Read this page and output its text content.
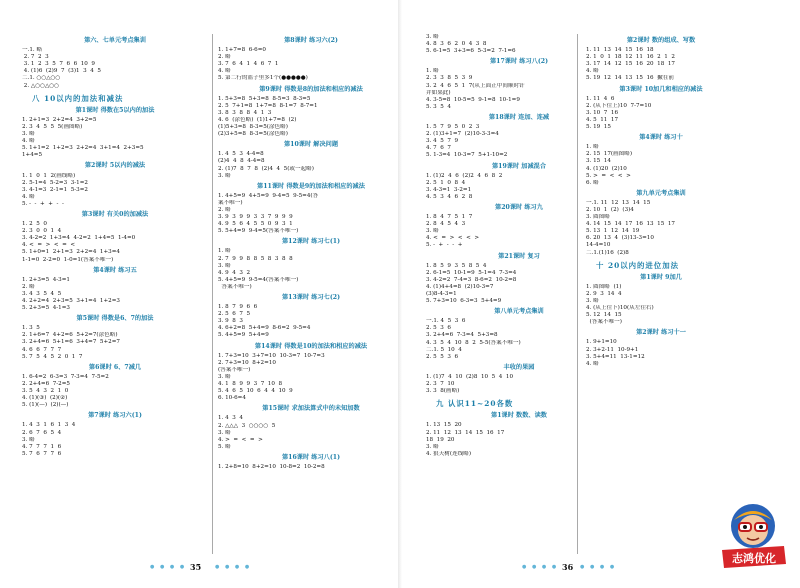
第六、七单元考点集训
一.1. 略
2. 7  2  3
3. 1  2  3  5  7  6  6  10  9
4. (1)6  (2)9  7  (3)1  3  4  5
二.1. ○○△○○
2. △○○△○○
八 10以内的加法和减法
第1课时 得数在5以内的加法
1. 2+1=3  2+2=4  3+2=5
2. 3  4  5  5  5(画图略)
3. 略
4. 略
5. 1+1=2  1+2=3  2+2=4  3+1=4  2+3=5
1+4=5
第2课时 5以内的减法
1. 1  0  1  2(画线略)
2. 5-1=4  5-2=3  3-1=2
3. 4-1=3  2-1=1  5-3=2
4. 略
5. -  -  +  +  -  -
第3课时 有关0的加减法
1. 2  5  0
2. 3  0  0  1  4
3. 4-2=2  1+3=4  4-2=2  1+4=5  1-4=0
4. <  =  >  <  =  <
5. 1+0=1  2+1=3  2+2=4  1+3=4
1-1=0  2-2=0  1-0=1(答案不唯一)
第4课时 练习五
1. 2+3=5  4-3=1
2. 略
3. 4  3  5  4  5
4. 2+2=4  2+3=5  3+1=4  1+2=3
5. 2+3=5  4-1=3
第5课时 得数是6、7的加法
1. 3  5
2. 1+6=7  4+2=6  5+2=7(涂色略)
3. 2+4=6  5+1=6  3+4=7  5+2=7
4. 6  6  7  7  7
5. 7  5  4  5  2  0  1  7
第6课时 6、7减几
1. 6-4=2  6-3=3  7-3=4  7-5=2
2. 2+4=6  7-2=5
3. 5  4  3  2  1  0
4. (1)(③)  (2)(②)
5. (1)(—)  (2)(—)
第7课时 练习六(1)
1. 4  3  1  6  1  3  4
2. 6  7  6  5  4
3. 略
4. 7  7  7  1  6
5. 7  6  7  7  6
第8课时 练习六(2)
1. 1+7=8  6-6=0
2. 略
3. 7  6  4  1  4  6  7  1
4. 略
5. 第二行的篮子里多1个(●●●●●)
第9课时 得数是8的加法和相应的减法
1. 5+3=8  5+3=8  8-5=3  8-3=5
2. 5  7+1=8  1+7=8  8-1=7  8-7=1
3. 8  3  8  8  4  1  3
4. 6  (涂色略)  (1)1+7=8  (2)
(1)5+3=8  8-3=5(涂色略)
(2)3+5=8  8-3=5(涂色略)
第10课时 解决问题
1. 4  5  3  4-4=8
(2)4  4  8  4-4=8
2. (1)7  8  7  8  (2)4  4  5(或一起略)
3. 略
第11课时 得数是9的加法和相应的减法
1. 4+5=9  4+5=9  9-4=5  9-5=4(答
案不唯一)
2. 略
3. 9  3  9  9  3  3  7  9  9  9
4. 9  5  6  4  5  5  0  9  3  1
5. 5+4=9  9-4=5(答案不唯一)
第12课时 练习七(1)
1. 略
2. 7  9  9  8  8  5  8  3  8  8
3. 略
4. 9  4  3  2
5. 4+5=9  9-5=4(答案不唯一)
答案不唯一)
第13课时 练习七(2)
1. 8  7  9  6  6
2. 5  6  7  5
3. 9  8  3
4. 6+2=8  5+4=9  8-6=2  9-5=4
5. 4+5=9  5+4=9
第14课时 得数是10的加法和相应的减法
1. 7+3=10  3+7=10  10-3=7  10-7=3
2. 7+3=10  8+2=10
(答案不唯一)
3. 略
4. 1  8  9  9  3  7  10  8
5. 4  6  5  10  6  4  4  10  9
6. 10-6=4
第15课时 求加法算式中的未知加数
1. 4  3  4
2. △△△  3  ○○○○  5
3. 略
4. >  =  <  =  >
5. 略
第16课时 练习八(1)
1. 2+8=10  8+2=10  10-8=2  10-2=8
● ● ● ● 35	● ● ● ●
3. 略
4. 8  3  6  2  0  4  3  8
5. 6-1=5  3+3=6  5-3=2  7-1=6
第17课时 练习八(2)
1. 略
2. 3  3  8  5  3  9
3. 2  4  6  5  1  7(从上面正中间顺时针
并如果此)
4. 3-5=8  10-5=5  9-1=8  10-1=9
5. 3  5  4
第18课时 连加、连减
1. 5  7  9  5  0  2  3
2. (1)3+1=7  (2)10-3-3=4
3. 4  5  7  9
4. 7  6  7
5. 1-3=4  10-3=7  5+1-10=2
第19课时 加减混合
1. (1)2  4  6  (2)2  4  6  8  2
2. 5  1  0  8  4
3. 4-3=1  3-2=1
4. 5  3  4  6  2  8
第20课时 练习九
1. 8  4  7  5  1  7
2. 8  4  5  4  3
3. 略
4. <  =  >  <  <  >
5. -  +  -  -  +
第21课时 复习
1. 8  5  9  3  5  8  5  4
2. 6-1=5  10-1=9  5-1=4  7-3=4
3. 4-2=2  7-4=3  8-6=2  10-2=8
4. (1)4+4=8  (2)10-3=7
(3)8-4-3=1
5. 7+3=10  6-3=3  5+4=9
第八单元考点集训
一.1. 4  5  3  6
2. 5  3  6
3. 2+4=6  7-3=4  5+3=8
4. 3  5  4  10  8  2  5-5(答案不唯一)
二.1. 5  10  4
2. 5  5  3  6
丰收的果园
1. (1)7  4  10  (2)8  10  5  4  10
2. 3  7  10
3. 3  8(画略)
九 认识11~20各数
第1课时 数数、读数
1. 13  15  20
2. 11  12  13  14  15  16  17
18  19  20
3. 略
4. 狼天树(连线略)
第2课时 数的组成、写数
1. 11  13  14  15  16  18
2. 1  0  1  18  12  11  16  2  1  2
3. 17  14  12  15  16  20  18  17
4. 略
5. 19  12  14  13  15  16  撇在前
第3课时 10加几和相应的减法
1. 11  4  6
2. (从下往上)10  7-7=10
3. 10  7  16
4. 5  11  17
5. 19  15
第4课时 练习十
1. 略
2. 15  17(画图略)
3. 15  14
4. (1)20  (2)10
5. >  =  <  <  >
6. 略
第九单元考点集训
一.1. 11  12  13  14  15
2. 10  1  (2)  (3)4
3. 圆图略
4. 14  15  14  17  16  13  15  17
5. 13  1  12  14  19
6. 20  13  4  (3)13-3=10
14-4=10
二.1.(1)16  (2)8
十 20以内的进位加法
第1课时 9加几
1. 圆图略  (1)
2. 9  3  14  4
3. 略
4. (从上往下)10(从左往右)
5. 12  14  15
(答案不唯一)
第2课时 练习十一
1. 9+1=10
2. 3+2-11  10-9+1
3. 5+4=11  13-1=12
4. 略
● ● ● ● 36 ● ● ● ●
志鸿优化
